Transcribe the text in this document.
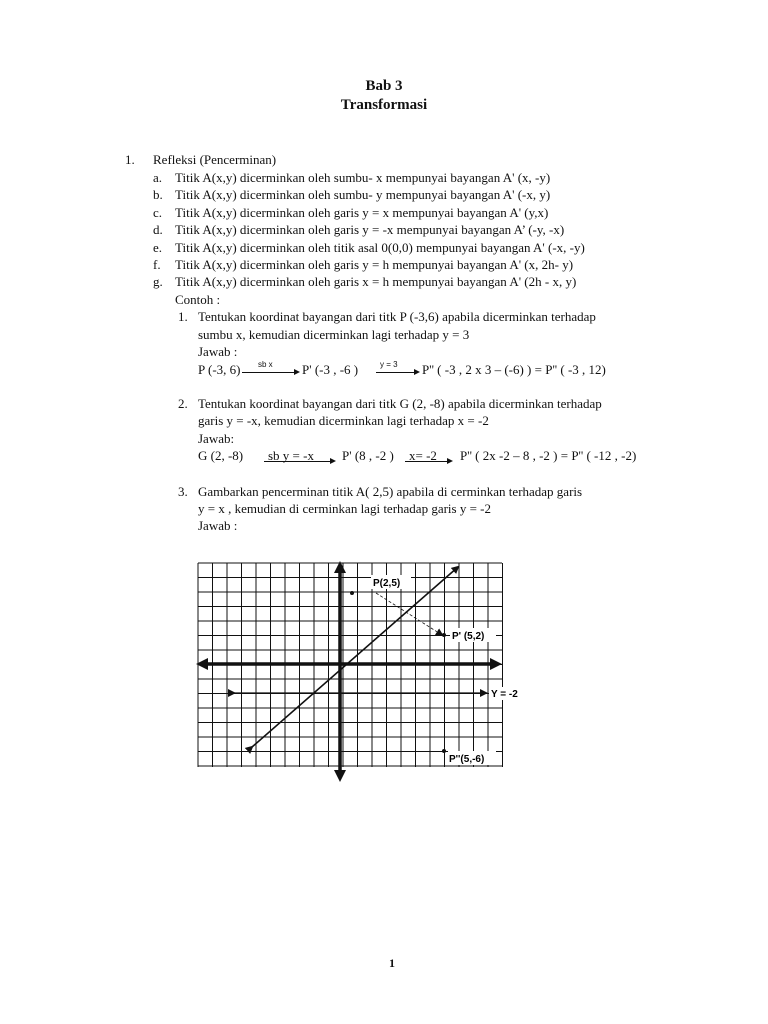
Bab 3
Transformasi
1. Refleksi (Pencerminan)
a. Titik A(x,y) dicerminkan oleh sumbu- x mempunyai bayangan A' (x, -y)
b. Titik A(x,y) dicerminkan oleh sumbu- y mempunyai bayangan A' (-x, y)
c. Titik A(x,y) dicerminkan oleh garis y = x mempunyai bayangan A' (y,x)
d. Titik A(x,y) dicerminkan oleh garis y = -x mempunyai bayangan A’ (-y, -x)
e. Titik A(x,y) dicerminkan oleh titik asal 0(0,0) mempunyai bayangan A' (-x, -y)
f. Titik A(x,y) dicerminkan oleh garis y = h mempunyai bayangan A' (x, 2h- y)
g. Titik A(x,y) dicerminkan oleh garis x = h mempunyai bayangan A' (2h - x, y)
Contoh :
1. Tentukan koordinat bayangan dari titk P (-3,6) apabila dicerminkan terhadap
sumbu x, kemudian dicerminkan lagi terhadap y = 3
Jawab :
P (-3, 6) sb x P' (-3 , -6 )	y = 3 P'' ( -3 , 2 x 3 – (-6) ) = P'' ( -3 , 12)
2. Tentukan koordinat bayangan dari titk G (2, -8) apabila dicerminkan terhadap
garis y = -x, kemudian dicerminkan lagi terhadap x = -2
Jawab:
G (2, -8) sb y = -x P' (8 , -2 ) x= -2 P'' ( 2x -2 – 8 , -2 ) = P'' ( -12 , -2)
3. Gambarkan pencerminan titik A( 2,5) apabila di cerminkan terhadap garis
y = x , kemudian di cerminkan lagi terhadap garis y = -2
Jawab :
P(2,5)
P' (5,2)
Y = -2
P''(5,-6)
1
